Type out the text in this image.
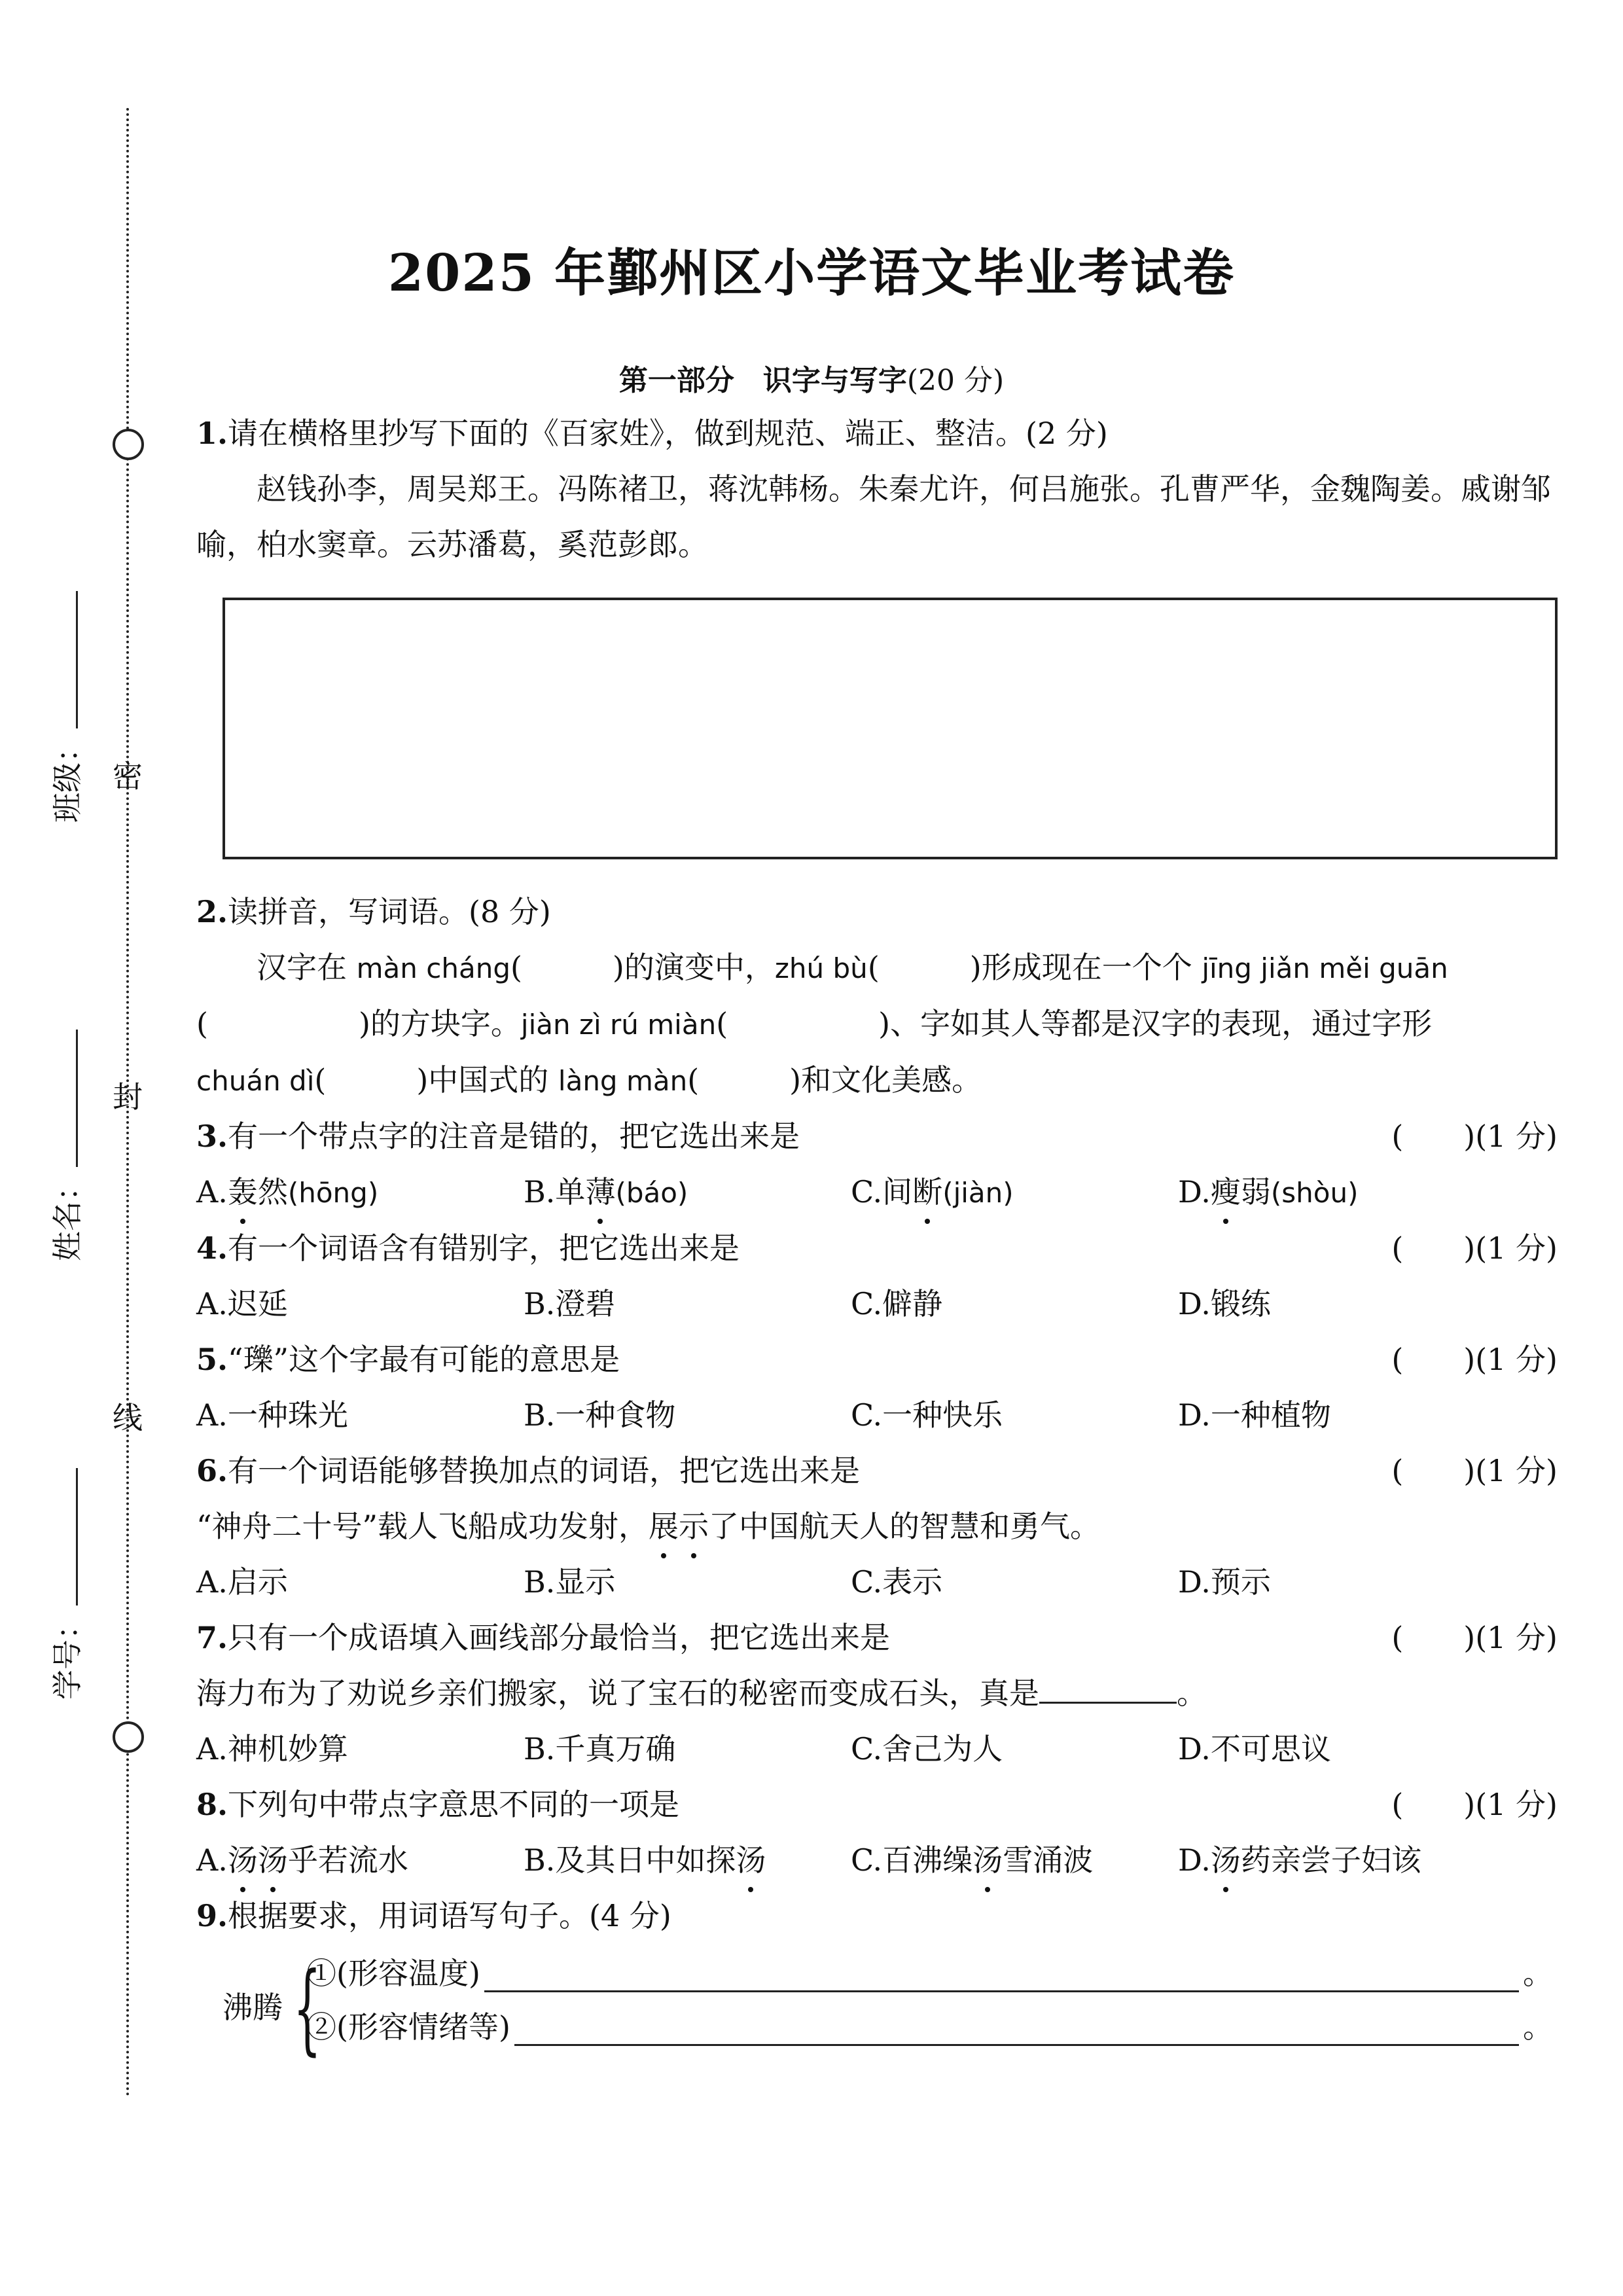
密
封
线
班级：
姓名：
学号：
2025 年鄞州区小学语文毕业考试卷
第一部分　识字与写字(20 分)
1.请在横格里抄写下面的《百家姓》，做到规范、端正、整洁。(2 分)
赵钱孙李，周吴郑王。冯陈褚卫，蒋沈韩杨。朱秦尤许，何吕施张。孔曹严华，金魏陶姜。戚谢邹喻，柏水窦章。云苏潘葛，奚范彭郎。
2.读拼音，写词语。(8 分)
汉字在 màn cháng(　　　)的演变中，zhú bù(　　　)形成现在一个个 jīng jiǎn měi guān
(　　　　　)的方块字。jiàn zì rú miàn(　　　　　)、字如其人等都是汉字的表现，通过字形
chuán dì(　　　)中国式的 làng màn(　　　)和文化美感。
3.有一个带点字的注音是错的，把它选出来是	(　　)(1 分)
A.轰然(hōng)	B.单薄(báo)	C.间断(jiàn)	D.瘦弱(shòu)
4.有一个词语含有错别字，把它选出来是	(　　)(1 分)
A.迟延	B.澄碧	C.僻静	D.锻练
5.“瓅”这个字最有可能的意思是	(　　)(1 分)
A.一种珠光	B.一种食物	C.一种快乐	D.一种植物
6.有一个词语能够替换加点的词语，把它选出来是	(　　)(1 分)
“神舟二十号”载人飞船成功发射，展示了中国航天人的智慧和勇气。
A.启示	B.显示	C.表示	D.预示
7.只有一个成语填入画线部分最恰当，把它选出来是	(　　)(1 分)
海力布为了劝说乡亲们搬家，说了宝石的秘密而变成石头，真是	。
A.神机妙算	B.千真万确	C.舍己为人	D.不可思议
8.下列句中带点字意思不同的一项是	(　　)(1 分)
A.汤汤乎若流水	B.及其日中如探汤	C.百沸缲汤雪涌波	D.汤药亲尝子妇该
9.根据要求，用词语写句子。(4 分)
沸腾 {
①(形容温度)	。
②(形容情绪等)	。
